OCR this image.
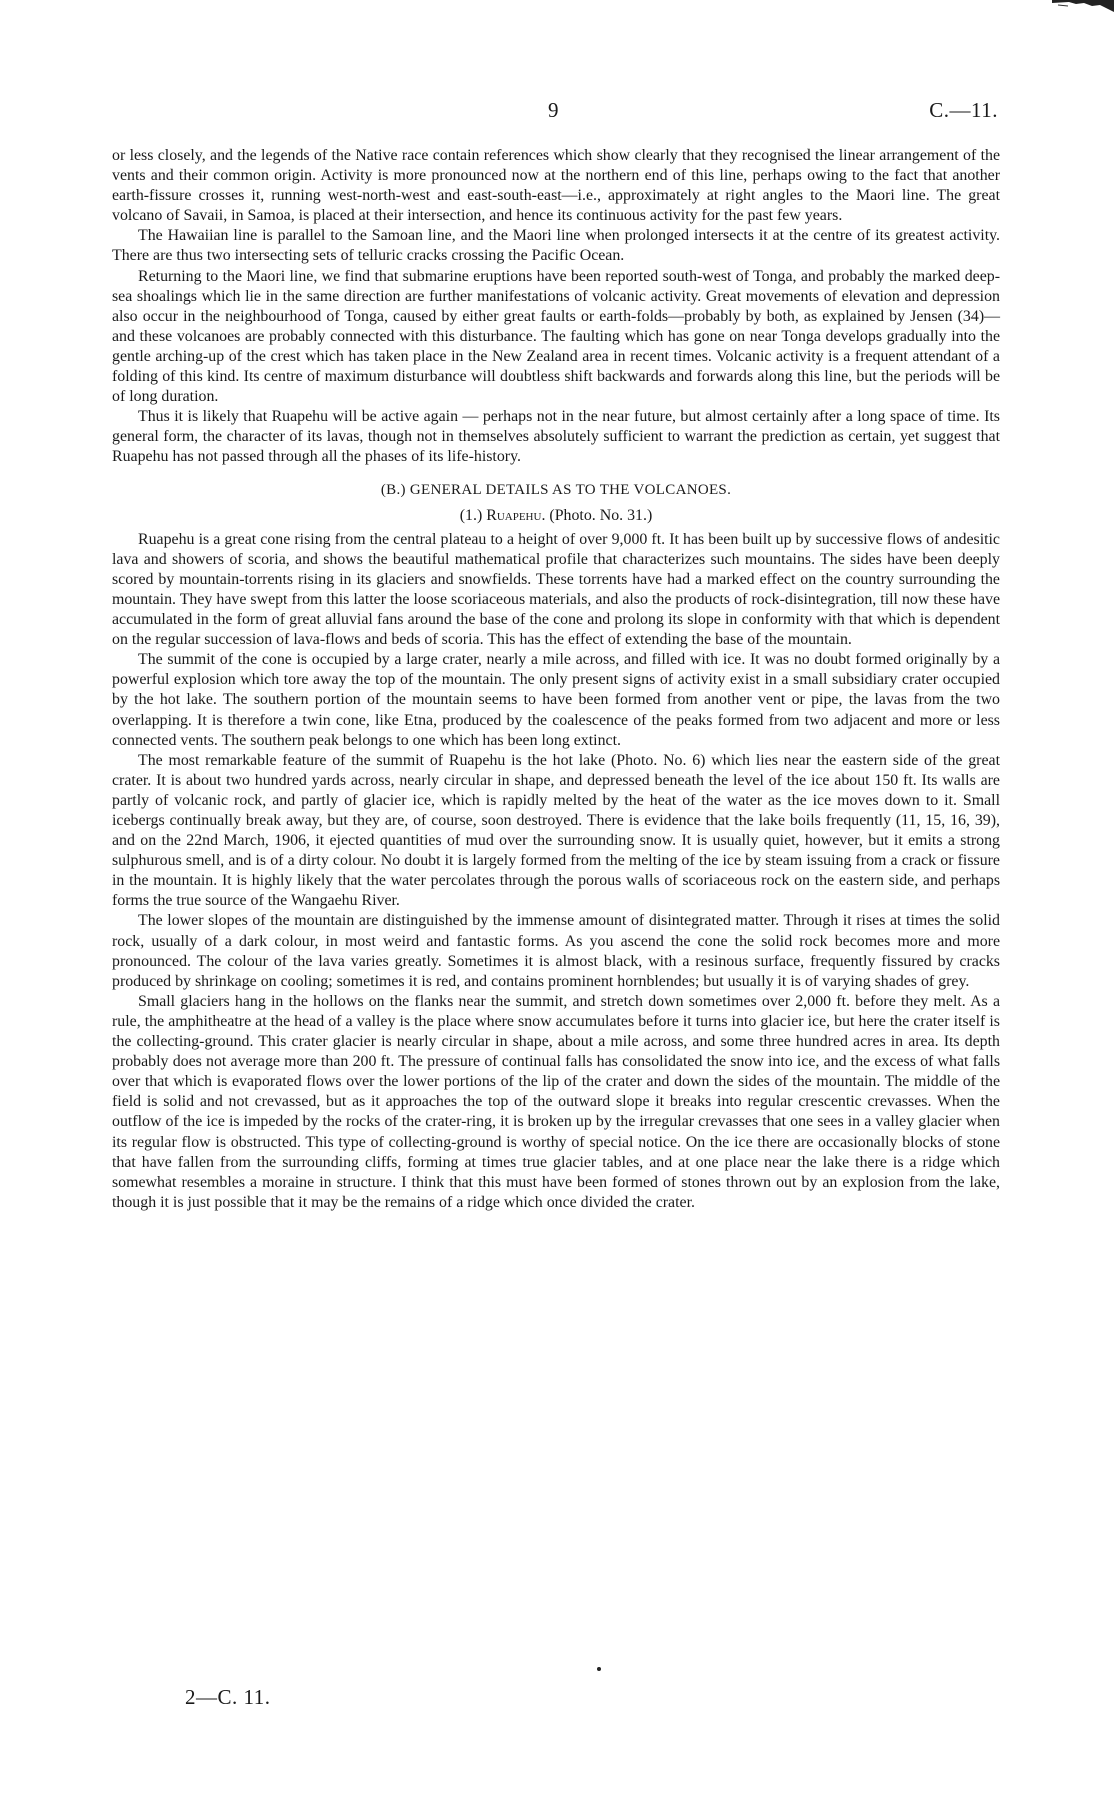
9	C.—11.

or less closely, and the legends of the Native race contain references which show clearly that they recognised the linear arrangement of the vents and their common origin. Activity is more pronounced now at the northern end of this line, perhaps owing to the fact that another earth-fissure crosses it, running west-north-west and east-south-east—i.e., approximately at right angles to the Maori line. The great volcano of Savaii, in Samoa, is placed at their intersection, and hence its continuous activity for the past few years.

The Hawaiian line is parallel to the Samoan line, and the Maori line when prolonged intersects it at the centre of its greatest activity. There are thus two intersecting sets of telluric cracks crossing the Pacific Ocean.

Returning to the Maori line, we find that submarine eruptions have been reported south-west of Tonga, and probably the marked deep-sea shoalings which lie in the same direction are further manifestations of volcanic activity. Great movements of elevation and depression also occur in the neighbourhood of Tonga, caused by either great faults or earth-folds—probably by both, as explained by Jensen (34)—and these volcanoes are probably connected with this disturbance. The faulting which has gone on near Tonga develops gradually into the gentle arching-up of the crest which has taken place in the New Zealand area in recent times. Volcanic activity is a frequent attendant of a folding of this kind. Its centre of maximum disturbance will doubtless shift backwards and forwards along this line, but the periods will be of long duration.

Thus it is likely that Ruapehu will be active again — perhaps not in the near future, but almost certainly after a long space of time. Its general form, the character of its lavas, though not in themselves absolutely sufficient to warrant the prediction as certain, yet suggest that Ruapehu has not passed through all the phases of its life-history.

(B.) GENERAL DETAILS AS TO THE VOLCANOES.
(1.) Ruapehu. (Photo. No. 31.)

Ruapehu is a great cone rising from the central plateau to a height of over 9,000 ft. It has been built up by successive flows of andesitic lava and showers of scoria, and shows the beautiful mathematical profile that characterizes such mountains. The sides have been deeply scored by mountain-torrents rising in its glaciers and snowfields. These torrents have had a marked effect on the country surrounding the mountain. They have swept from this latter the loose scoriaceous materials, and also the products of rock-disintegration, till now these have accumulated in the form of great alluvial fans around the base of the cone and prolong its slope in conformity with that which is dependent on the regular succession of lava-flows and beds of scoria. This has the effect of extending the base of the mountain.

The summit of the cone is occupied by a large crater, nearly a mile across, and filled with ice. It was no doubt formed originally by a powerful explosion which tore away the top of the mountain. The only present signs of activity exist in a small subsidiary crater occupied by the hot lake. The southern portion of the mountain seems to have been formed from another vent or pipe, the lavas from the two overlapping. It is therefore a twin cone, like Etna, produced by the coalescence of the peaks formed from two adjacent and more or less connected vents. The southern peak belongs to one which has been long extinct.

The most remarkable feature of the summit of Ruapehu is the hot lake (Photo. No. 6) which lies near the eastern side of the great crater. It is about two hundred yards across, nearly circular in shape, and depressed beneath the level of the ice about 150 ft. Its walls are partly of volcanic rock, and partly of glacier ice, which is rapidly melted by the heat of the water as the ice moves down to it. Small icebergs continually break away, but they are, of course, soon destroyed. There is evidence that the lake boils frequently (11, 15, 16, 39), and on the 22nd March, 1906, it ejected quantities of mud over the surrounding snow. It is usually quiet, however, but it emits a strong sulphurous smell, and is of a dirty colour. No doubt it is largely formed from the melting of the ice by steam issuing from a crack or fissure in the mountain. It is highly likely that the water percolates through the porous walls of scoriaceous rock on the eastern side, and perhaps forms the true source of the Wangaehu River.

The lower slopes of the mountain are distinguished by the immense amount of disintegrated matter. Through it rises at times the solid rock, usually of a dark colour, in most weird and fantastic forms. As you ascend the cone the solid rock becomes more and more pronounced. The colour of the lava varies greatly. Sometimes it is almost black, with a resinous surface, frequently fissured by cracks produced by shrinkage on cooling; sometimes it is red, and contains prominent hornblendes; but usually it is of varying shades of grey.

Small glaciers hang in the hollows on the flanks near the summit, and stretch down sometimes over 2,000 ft. before they melt. As a rule, the amphitheatre at the head of a valley is the place where snow accumulates before it turns into glacier ice, but here the crater itself is the collecting-ground. This crater glacier is nearly circular in shape, about a mile across, and some three hundred acres in area. Its depth probably does not average more than 200 ft. The pressure of continual falls has consolidated the snow into ice, and the excess of what falls over that which is evaporated flows over the lower portions of the lip of the crater and down the sides of the mountain. The middle of the field is solid and not crevassed, but as it approaches the top of the outward slope it breaks into regular crescentic crevasses. When the outflow of the ice is impeded by the rocks of the crater-ring, it is broken up by the irregular crevasses that one sees in a valley glacier when its regular flow is obstructed. This type of collecting-ground is worthy of special notice. On the ice there are occasionally blocks of stone that have fallen from the surrounding cliffs, forming at times true glacier tables, and at one place near the lake there is a ridge which somewhat resembles a moraine in structure. I think that this must have been formed of stones thrown out by an explosion from the lake, though it is just possible that it may be the remains of a ridge which once divided the crater.

2—C. 11.
